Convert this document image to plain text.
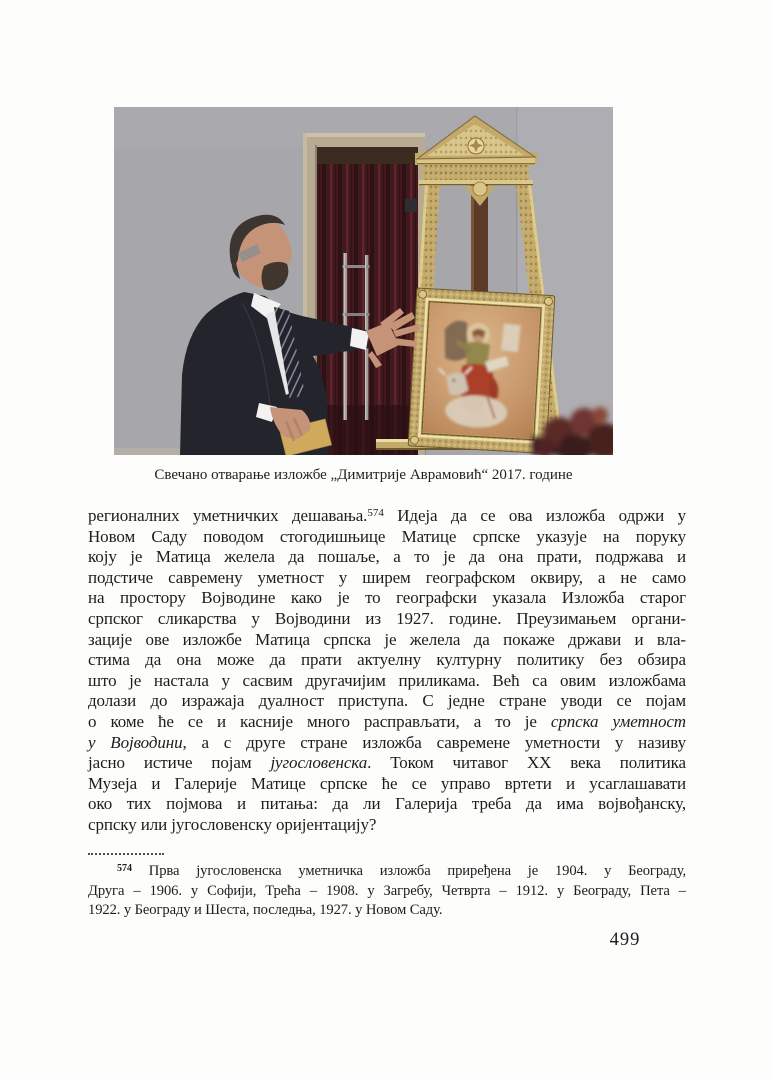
Свечано отварање изложбе „Димитрије Аврамовић“ 2017. године
регионалних уметничких дешавања.$^{574}$ Идеја да се ова изложба одржи у
Новом Саду поводом стогодишњице Матице српске указује на поруку
коју је Матица желела да пошаље, а то је да она прати, подржава и
подстиче савремену уметност у ширем географском оквиру, а не само
на простору Војводине како је то географски указала Изложба старог
српског сликарства у Војводини из 1927. године. Преузимањем органи-
зације ове изложбе Матица српска је желела да покаже држави и вла-
стима да она може да прати актуелну културну политику без обзира
што је настала у сасвим другачијим приликама. Већ са овим изложбама
долази до изражаја дуалност приступа. С једне стране уводи се појам
о коме ће се и касније много расправљати, а то је српска уметност
у Војводини, а с друге стране изложба савремене уметности у називу
јасно истиче појам југословенска. Током читавог XX века политика
Музеја и Галерије Матице српске ће се управо вртети и усаглашавати
око тих појмова и питања: да ли Галерија треба да има војвођанску,
српску или југословенску оријентацију?
$^{574}$ Прва југословенска уметничка изложба приређена је 1904. у Београду,
Друга – 1906. у Софији, Трећа – 1908. у Загребу, Четврта – 1912. у Београду, Пета –
1922. у Београду и Шеста, последња, 1927. у Новом Саду.
499
